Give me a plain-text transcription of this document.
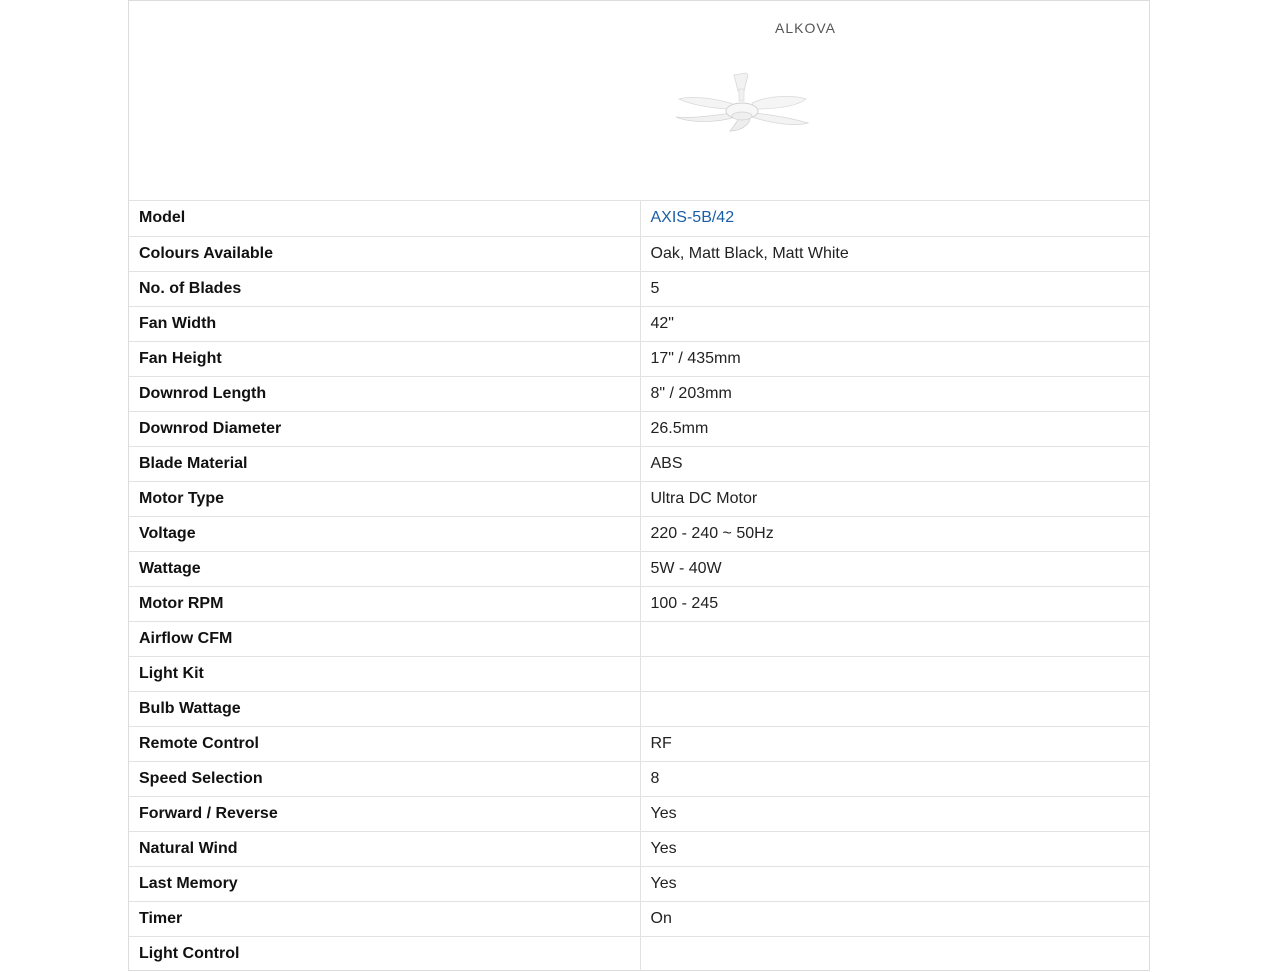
ALKOVA
Model	AXIS-5B/42
Colours Available	Oak, Matt Black, Matt White
No. of Blades	5
Fan Width	42"
Fan Height	17" / 435mm
Downrod Length	8" / 203mm
Downrod Diameter	26.5mm
Blade Material	ABS
Motor Type	Ultra DC Motor
Voltage	220 - 240 ~ 50Hz
Wattage	5W - 40W
Motor RPM	100 - 245
Airflow CFM	
Light Kit	
Bulb Wattage	
Remote Control	RF
Speed Selection	8
Forward / Reverse	Yes
Natural Wind	Yes
Last Memory	Yes
Timer	On
Light Control	
